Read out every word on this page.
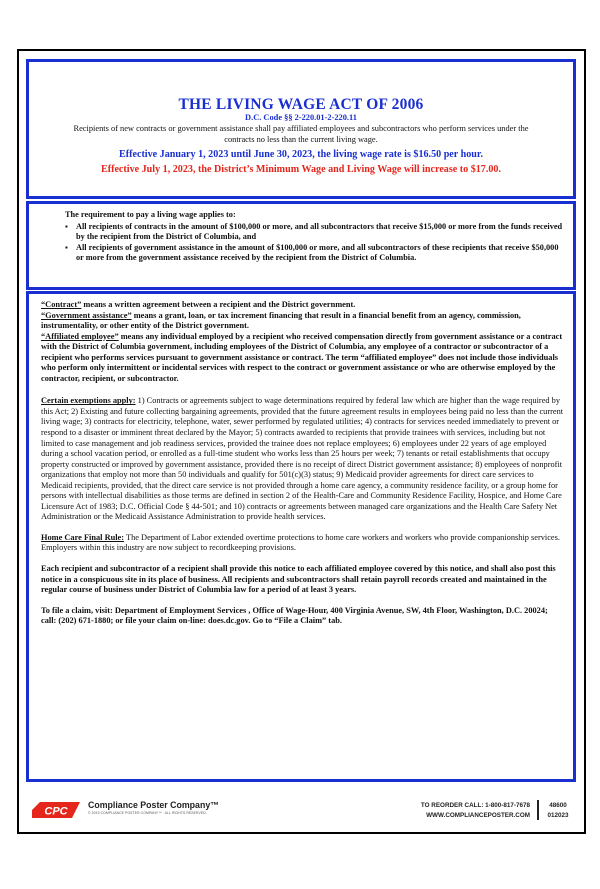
THE LIVING WAGE ACT OF 2006
D.C. Code §§ 2-220.01-2-220.11
Recipients of new contracts or government assistance shall pay affiliated employees and subcontractors who perform services under the contracts no less than the current living wage.
Effective January 1, 2023 until June 30, 2023, the living wage rate is $16.50 per hour.
Effective July 1, 2023, the District’s Minimum Wage and Living Wage will increase to $17.00.
The requirement to pay a living wage applies to:
▪ All recipients of contracts in the amount of $100,000 or more, and all subcontractors that receive $15,000 or more from the funds received by the recipient from the District of Columbia, and
▪ All recipients of government assistance in the amount of $100,000 or more, and all subcontractors of these recipients that receive $50,000 or more from the government assistance received by the recipient from the District of Columbia.
“Contract” means a written agreement between a recipient and the District government.
“Government assistance” means a grant, loan, or tax increment financing that result in a financial benefit from an agency, commission, instrumentality, or other entity of the District government.
“Affiliated employee” means any individual employed by a recipient who received compensation directly from government assistance or a contract with the District of Columbia government, including employees of the District of Columbia, any employee of a contractor or subcontractor of a recipient who performs services pursuant to government assistance or contract. The term “affiliated employee” does not include those individuals who perform only intermittent or incidental services with respect to the contract or government assistance or who are otherwise employed by the contractor, recipient, or subcontractor.
Certain exemptions apply: 1) Contracts or agreements subject to wage determinations required by federal law which are higher than the wage required by this Act; 2) Existing and future collecting bargaining agreements, provided that the future agreement results in employees being paid no less than the current living wage; 3) contracts for electricity, telephone, water, sewer performed by regulated utilities; 4) contracts for services needed immediately to prevent or respond to a disaster or imminent threat declared by the Mayor; 5) contracts awarded to recipients that provide trainees with services, including but not limited to case management and job readiness services, provided the trainee does not replace employees; 6) employees under 22 years of age employed during a school vacation period, or enrolled as a full-time student who works less than 25 hours per week; 7) tenants or retail establishments that occupy property constructed or improved by government assistance, provided there is no receipt of direct District government assistance; 8) employees of nonprofit organizations that employ not more than 50 individuals and qualify for 501(c)(3) status; 9) Medicaid provider agreements for direct care services to Medicaid recipients, provided, that the direct care service is not provided through a home care agency, a community residence facility, or a group home for persons with intellectual disabilities as those terms are defined in section 2 of the Health-Care and Community Residence Facility, Hospice, and Home Care Licensure Act of 1983; D.C. Official Code § 44-501; and 10) contracts or agreements between managed care organizations and the Health Care Safety Net Administration or the Medicaid Assistance Administration to provide health services.
Home Care Final Rule: The Department of Labor extended overtime protections to home care workers and workers who provide companionship services. Employers within this industry are now subject to recordkeeping provisions.
Each recipient and subcontractor of a recipient shall provide this notice to each affiliated employee covered by this notice, and shall also post this notice in a conspicuous site in its place of business. All recipients and subcontractors shall retain payroll records created and maintained in the regular course of business under District of Columbia law for a period of at least 3 years.
To file a claim, visit: Department of Employment Services , Office of Wage-Hour, 400 Virginia Avenue, SW, 4th Floor, Washington, D.C. 20024; call: (202) 671-1880; or file your claim on-line: does.dc.gov. Go to “File a Claim” tab.
CPC
Compliance Poster Company™
© 2019 COMPLIANCE POSTER COMPANY™ . ALL RIGHTS RESERVED.
TO REORDER CALL: 1-800-817-7678
WWW.COMPLIANCEPOSTER.COM
48600
012023
